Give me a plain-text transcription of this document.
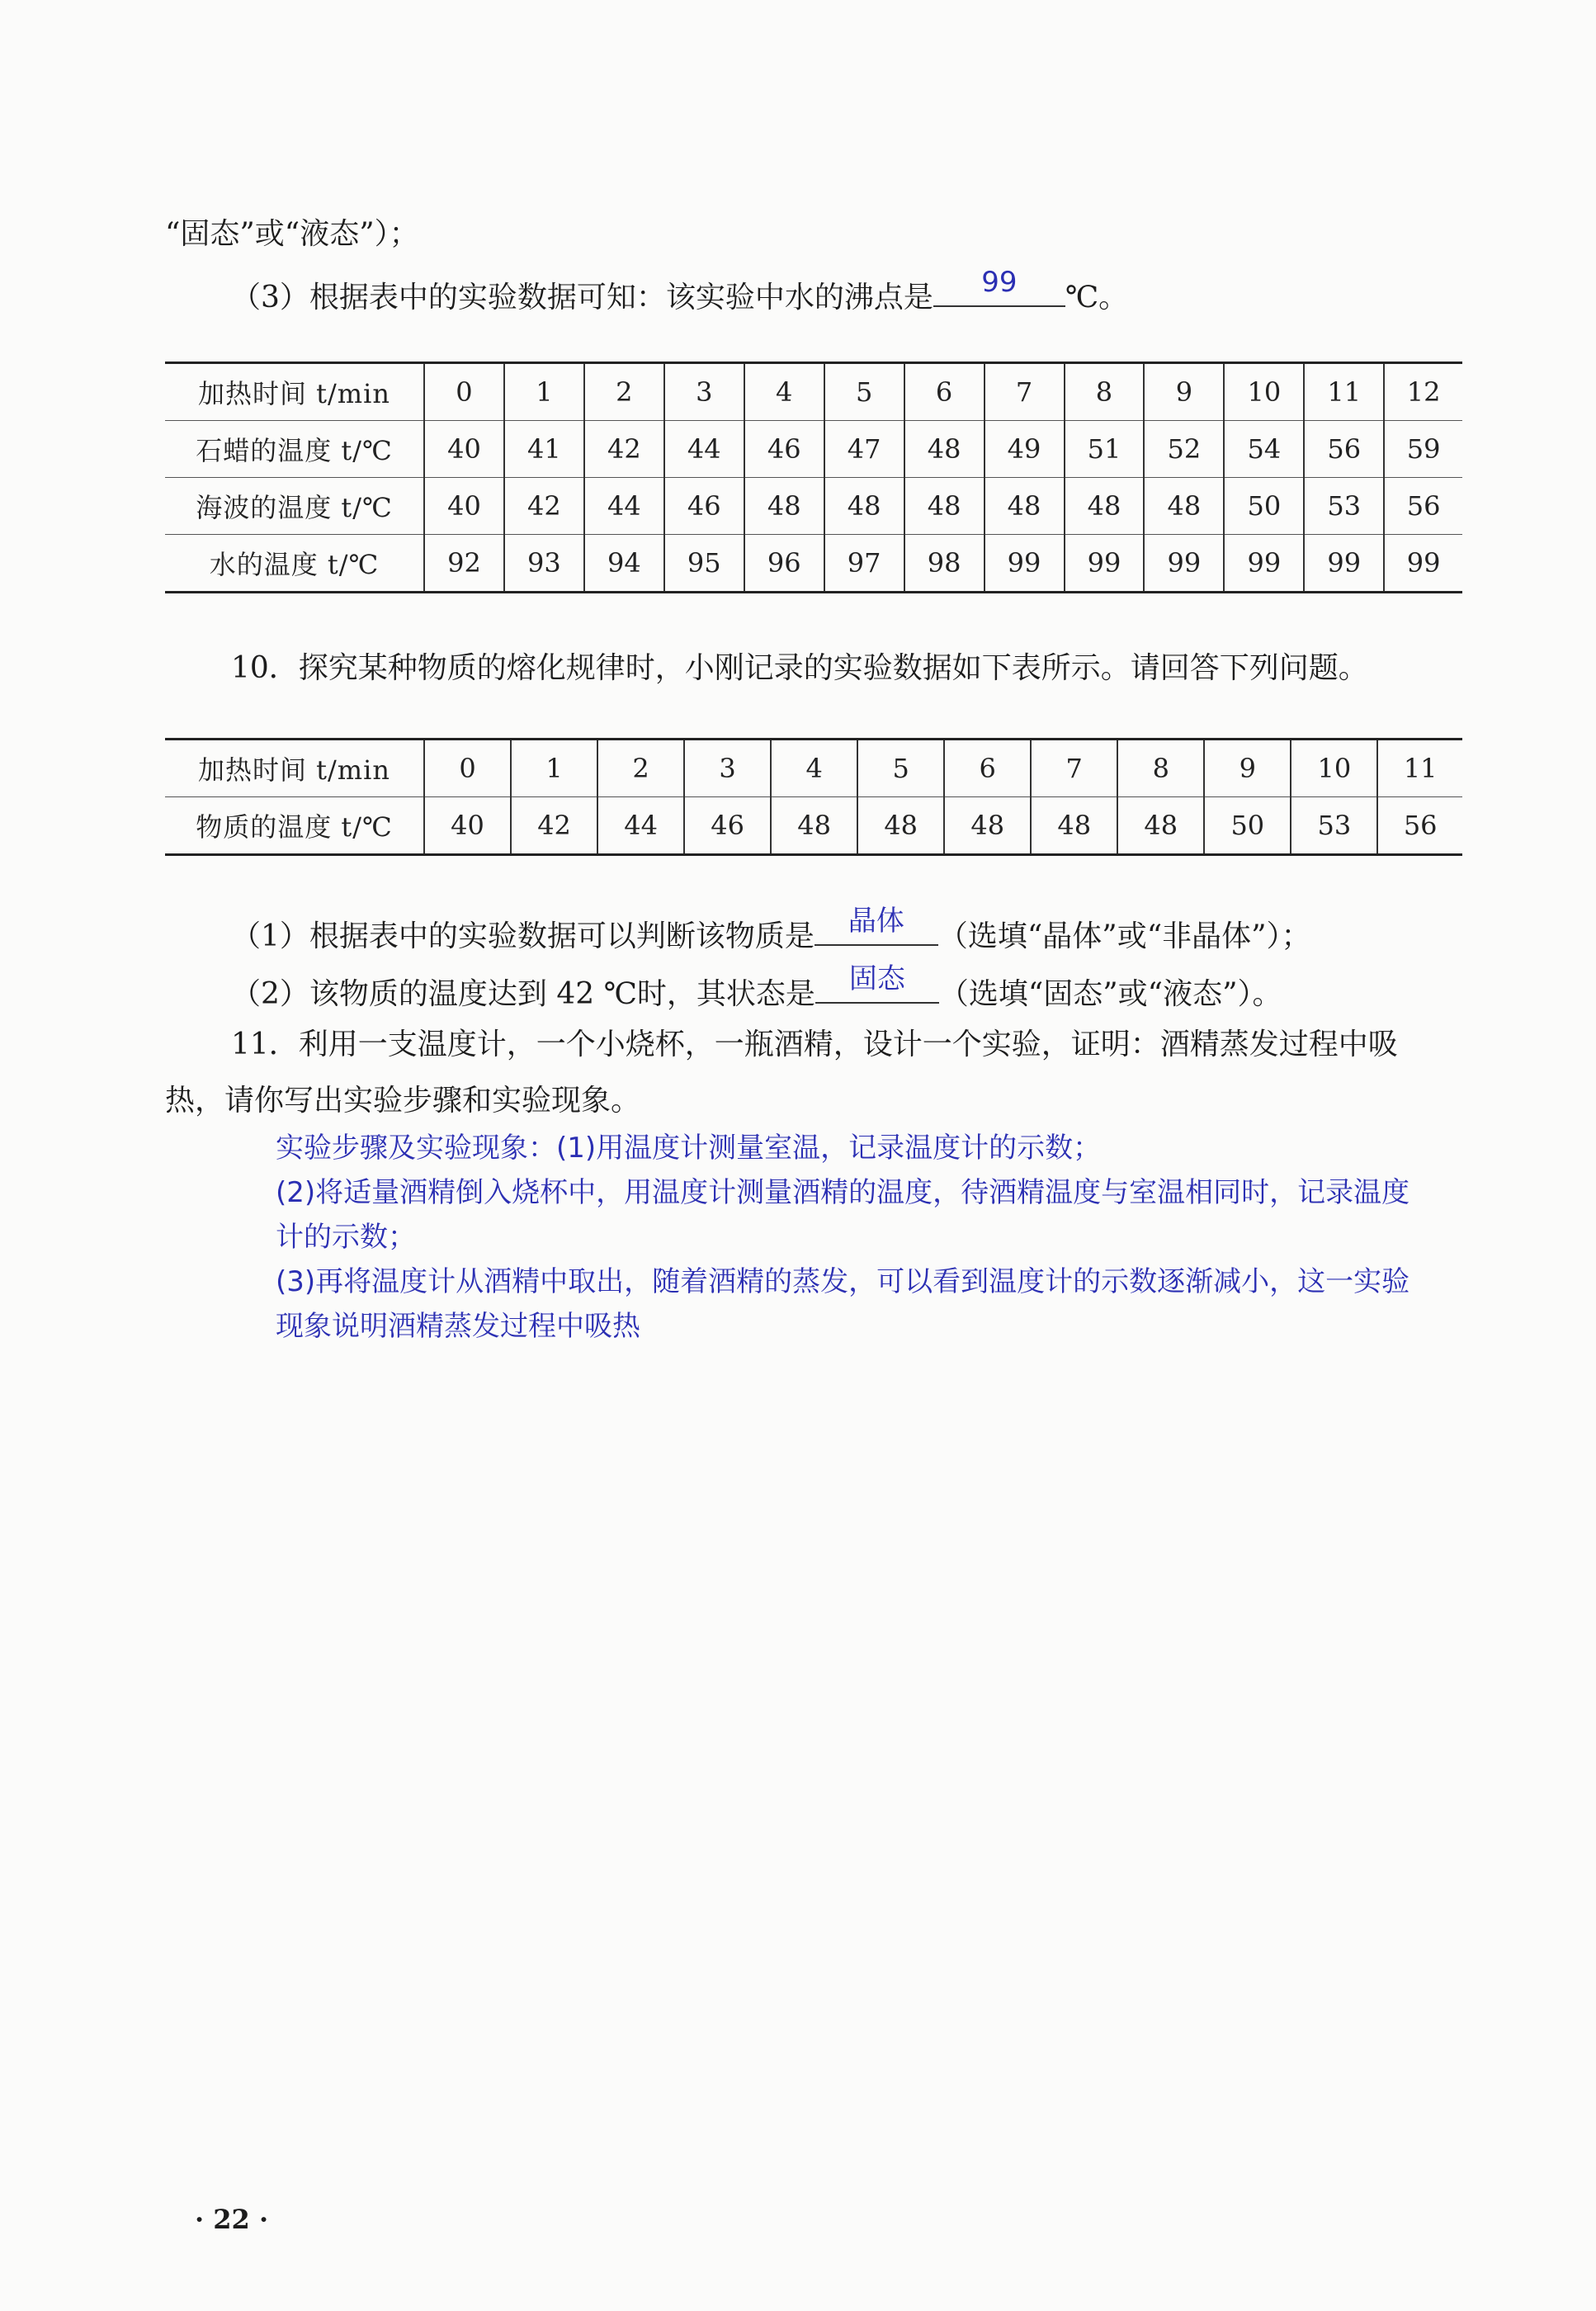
“固态”或“液态”）；
（3）根据表中的实验数据可知：该实验中水的沸点是	99	℃。
加热时间 t/min	0	1	2	3	4	5	6	7	8	9	10	11	12
石蜡的温度 t/℃	40	41	42	44	46	47	48	49	51	52	54	56	59
海波的温度 t/℃	40	42	44	46	48	48	48	48	48	48	50	53	56
水的温度 t/℃	92	93	94	95	96	97	98	99	99	99	99	99	99
10．探究某种物质的熔化规律时，小刚记录的实验数据如下表所示。请回答下列问题。
加热时间 t/min	0	1	2	3	4	5	6	7	8	9	10	11
物质的温度 t/℃	40	42	44	46	48	48	48	48	48	50	53	56
（1）根据表中的实验数据可以判断该物质是	晶体	（选填“晶体”或“非晶体”）；
（2）该物质的温度达到 42 ℃时，其状态是	固态	（选填“固态”或“液态”）。
11．利用一支温度计，一个小烧杯，一瓶酒精，设计一个实验，证明：酒精蒸发过程中吸
热，请你写出实验步骤和实验现象。
实验步骤及实验现象：(1)用温度计测量室温，记录温度计的示数；
(2)将适量酒精倒入烧杯中，用温度计测量酒精的温度，待酒精温度与室温相同时，记录温度
计的示数；
(3)再将温度计从酒精中取出，随着酒精的蒸发，可以看到温度计的示数逐渐减小，这一实验
现象说明酒精蒸发过程中吸热
· 22 ·
